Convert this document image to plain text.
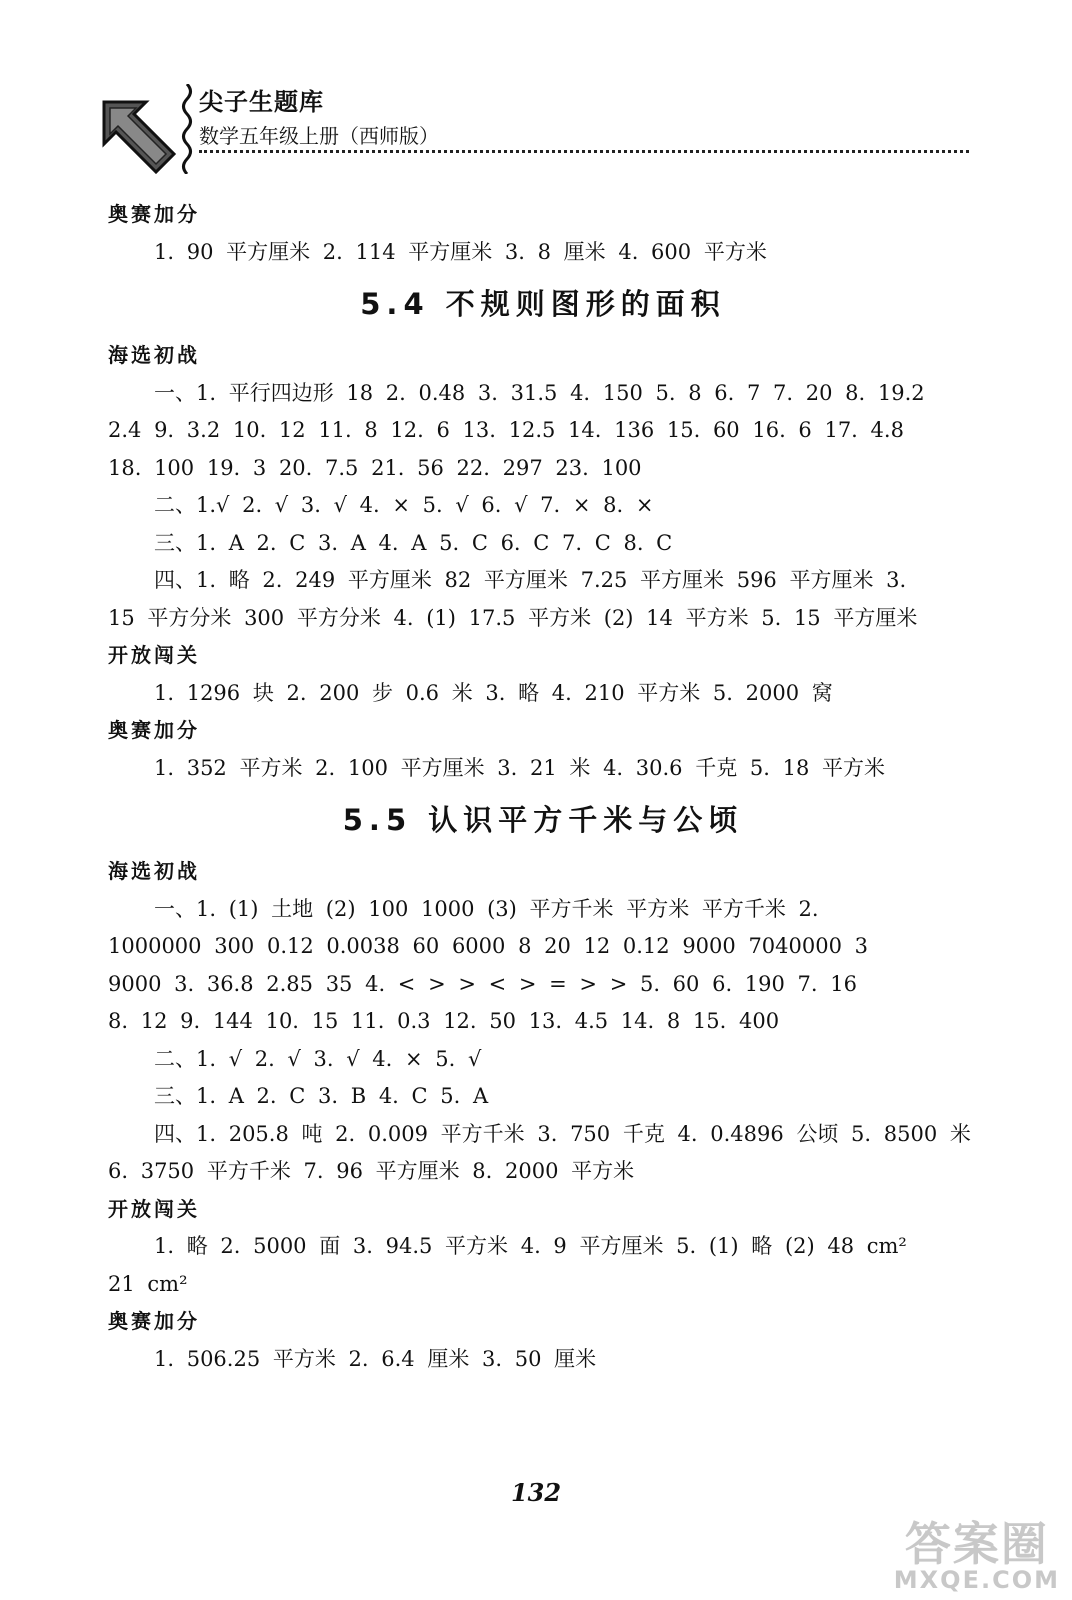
尖子生题库
数学五年级上册（西师版）
奥赛加分
1. 90 平方厘米 2. 114 平方厘米 3. 8 厘米 4. 600 平方米
5.4 不规则图形的面积
海选初战
一、1. 平行四边形 18 2. 0.48 3. 31.5 4. 150 5. 8 6. 7 7. 20 8. 19.2
2.4 9. 3.2 10. 12 11. 8 12. 6 13. 12.5 14. 136 15. 60 16. 6 17. 4.8
18. 100 19. 3 20. 7.5 21. 56 22. 297 23. 100
二、1.√ 2. √ 3. √ 4. × 5. √ 6. √ 7. × 8. ×
三、1. A 2. C 3. A 4. A 5. C 6. C 7. C 8. C
四、1. 略 2. 249 平方厘米 82 平方厘米 7.25 平方厘米 596 平方厘米 3.
15 平方分米 300 平方分米 4. (1) 17.5 平方米 (2) 14 平方米 5. 15 平方厘米
开放闯关
1. 1296 块 2. 200 步 0.6 米 3. 略 4. 210 平方米 5. 2000 窝
奥赛加分
1. 352 平方米 2. 100 平方厘米 3. 21 米 4. 30.6 千克 5. 18 平方米
5.5 认识平方千米与公顷
海选初战
一、1. (1) 土地 (2) 100 1000 (3) 平方千米 平方米 平方千米 2.
1000000 300 0.12 0.0038 60 6000 8 20 12 0.12 9000 7040000 3
9000 3. 36.8 2.85 35 4. < > > < > = > > 5. 60 6. 190 7. 16
8. 12 9. 144 10. 15 11. 0.3 12. 50 13. 4.5 14. 8 15. 400
二、1. √ 2. √ 3. √ 4. × 5. √
三、1. A 2. C 3. B 4. C 5. A
四、1. 205.8 吨 2. 0.009 平方千米 3. 750 千克 4. 0.4896 公顷 5. 8500 米
6. 3750 平方千米 7. 96 平方厘米 8. 2000 平方米
开放闯关
1. 略 2. 5000 面 3. 94.5 平方米 4. 9 平方厘米 5. (1) 略 (2) 48 cm²
21 cm²
奥赛加分
1. 506.25 平方米 2. 6.4 厘米 3. 50 厘米
132
答案圈
MXQE.COM
